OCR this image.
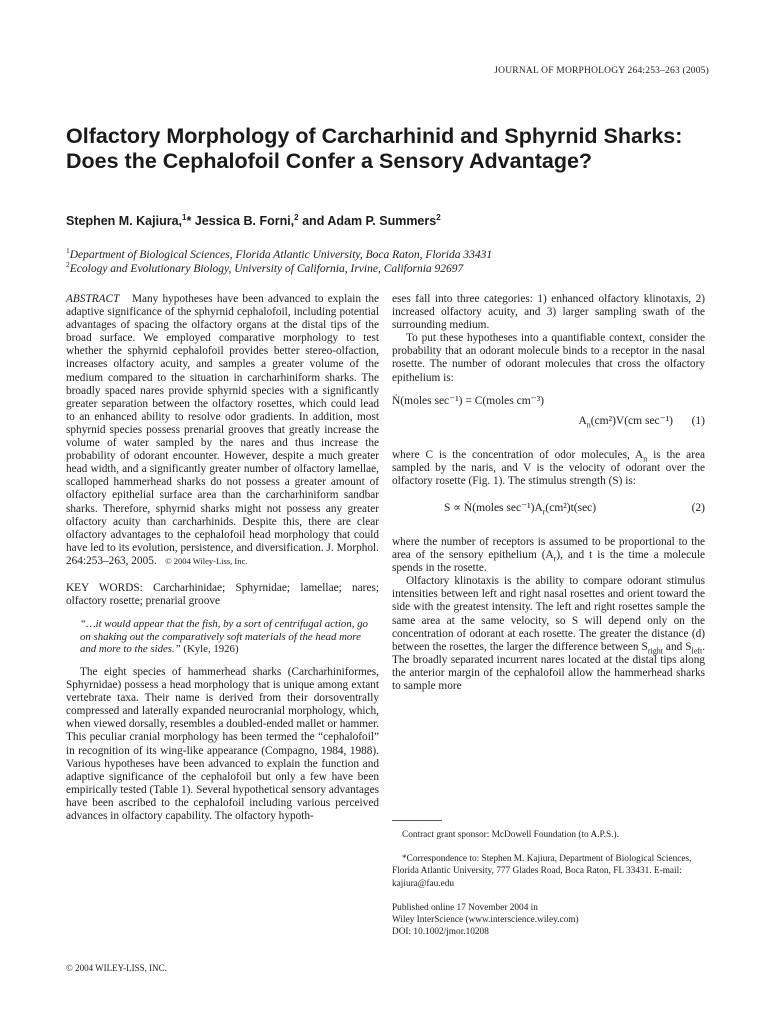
JOURNAL OF MORPHOLOGY 264:253–263 (2005)
Olfactory Morphology of Carcharhinid and Sphyrnid Sharks: Does the Cephalofoil Confer a Sensory Advantage?
Stephen M. Kajiura,$^1$* Jessica B. Forni,$^2$ and Adam P. Summers$^2$
$^1$Department of Biological Sciences, Florida Atlantic University, Boca Raton, Florida 33431
$^2$Ecology and Evolutionary Biology, University of California, Irvine, California 92697

ABSTRACT Many hypotheses have been advanced to explain the adaptive significance of the sphyrnid cephalofoil, including potential advantages of spacing the olfactory organs at the distal tips of the broad surface. We employed comparative morphology to test whether the sphyrnid cephalofoil provides better stereo-olfaction, increases olfactory acuity, and samples a greater volume of the medium compared to the situation in carcharhiniform sharks. The broadly spaced nares provide sphyrnid species with a significantly greater separation between the olfactory rosettes, which could lead to an enhanced ability to resolve odor gradients. In addition, most sphyrnid species possess prenarial grooves that greatly increase the volume of water sampled by the nares and thus increase the probability of odorant encounter. However, despite a much greater head width, and a significantly greater number of olfactory lamellae, scalloped hammerhead sharks do not possess a greater amount of olfactory epithelial surface area than the carcharhiniform sandbar sharks. Therefore, sphyrnid sharks might not possess any greater olfactory acuity than carcharhinids. Despite this, there are clear olfactory advantages to the cephalofoil head morphology that could have led to its evolution, persistence, and diversification. J. Morphol. 264:253–263, 2005. © 2004 Wiley-Liss, Inc.

KEY WORDS: Carcharhinidae; Sphyrnidae; lamellae; nares; olfactory rosette; prenarial groove

“…it would appear that the fish, by a sort of centrifugal action, go on shaking out the comparatively soft materials of the head more and more to the sides.” (Kyle, 1926)

The eight species of hammerhead sharks (Carcharhiniformes, Sphyrnidae) possess a head morphology that is unique among extant vertebrate taxa. Their name is derived from their dorsoventrally compressed and laterally expanded neurocranial morphology, which, when viewed dorsally, resembles a doubled-ended mallet or hammer. This peculiar cranial morphology has been termed the “cephalofoil” in recognition of its wing-like appearance (Compagno, 1984, 1988). Various hypotheses have been advanced to explain the function and adaptive significance of the cephalofoil but only a few have been empirically tested (Table 1). Several hypothetical sensory advantages have been ascribed to the cephalofoil including various perceived advances in olfactory capability. The olfactory hypoth-

eses fall into three categories: 1) enhanced olfactory klinotaxis, 2) increased olfactory acuity, and 3) larger sampling swath of the surrounding medium.

To put these hypotheses into a quantifiable context, consider the probability that an odorant molecule binds to a receptor in the nasal rosette. The number of odorant molecules that cross the olfactory epithelium is:

Ṅ(moles sec⁻¹) = C(moles cm⁻³)
$A_n(cm^2)V(cm$ sec⁻¹) (1)

where C is the concentration of odor molecules, $A_n$ is the area sampled by the naris, and V is the velocity of odorant over the olfactory rosette (Fig. 1). The stimulus strength (S) is:

S ∝ Ṅ(moles $\sec^{-1})A_r(cm^2)t(\sec)$	(2)

where the number of receptors is assumed to be proportional to the area of the sensory epithelium $(A_r)$, and t is the time a molecule spends in the rosette.

Olfactory klinotaxis is the ability to compare odorant stimulus intensities between left and right nasal rosettes and orient toward the side with the greatest intensity. The left and right rosettes sample the same area at the same velocity, so S will depend only on the concentration of odorant at each rosette. The greater the distance (d) between the rosettes, the larger the difference between $S_{right}$ and $S_{left}$. The broadly separated incurrent nares located at the distal tips along the anterior margin of the cephalofoil allow the hammerhead sharks to sample more

Contract grant sponsor: McDowell Foundation (to A.P.S.).
*Correspondence to: Stephen M. Kajiura, Department of Biological Sciences, Florida Atlantic University, 777 Glades Road, Boca Raton, FL 33431. E-mail: kajiura@fau.edu
Published online 17 November 2004 in
Wiley InterScience (www.interscience.wiley.com)
DOI: 10.1002/jmor.10208
© 2004 WILEY-LISS, INC.
